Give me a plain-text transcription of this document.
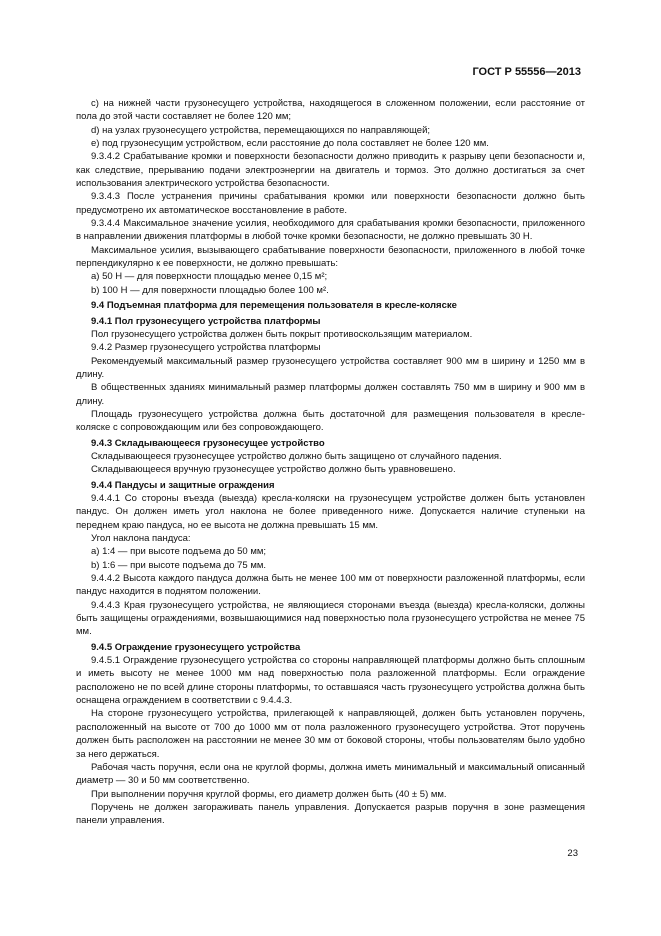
ГОСТ Р 55556—2013
c) на нижней части грузонесущего устройства, находящегося в сложенном положении, если расстояние от пола до этой части составляет не более 120 мм;
d) на узлах грузонесущего устройства, перемещающихся по направляющей;
e) под грузонесущим устройством, если расстояние до пола составляет не более 120 мм.
9.3.4.2 Срабатывание кромки и поверхности безопасности должно приводить к разрыву цепи безопасности и, как следствие, прерыванию подачи электроэнергии на двигатель и тормоз. Это должно достигаться за счет использования электрического устройства безопасности.
9.3.4.3 После устранения причины срабатывания кромки или поверхности безопасности должно быть предусмотрено их автоматическое восстановление в работе.
9.3.4.4 Максимальное значение усилия, необходимого для срабатывания кромки безопасности, приложенного в направлении движения платформы в любой точке кромки безопасности, не должно превышать 30 Н.
Максимальное усилия, вызывающего срабатывание поверхности безопасности, приложенного в любой точке перпендикулярно к ее поверхности, не должно превышать:
a) 50 Н — для поверхности площадью менее 0,15 м²;
b) 100 Н — для поверхности площадью более 100 м².
9.4 Подъемная платформа для перемещения пользователя в кресле-коляске
9.4.1 Пол грузонесущего устройства платформы
Пол грузонесущего устройства должен быть покрыт противоскользящим материалом.
9.4.2 Размер грузонесущего устройства платформы
Рекомендуемый максимальный размер грузонесущего устройства составляет 900 мм в ширину и 1250 мм в длину.
В общественных зданиях минимальный размер платформы должен составлять 750 мм в ширину и 900 мм в длину.
Площадь грузонесущего устройства должна быть достаточной для размещения пользователя в кресле-коляске с сопровождающим или без сопровождающего.
9.4.3 Складывающееся грузонесущее устройство
Складывающееся грузонесущее устройство должно быть защищено от случайного падения.
Складывающееся вручную грузонесущее устройство должно быть уравновешено.
9.4.4 Пандусы и защитные ограждения
9.4.4.1 Со стороны въезда (выезда) кресла-коляски на грузонесущем устройстве должен быть установлен пандус. Он должен иметь угол наклона не более приведенного ниже. Допускается наличие ступеньки на переднем краю пандуса, но ее высота не должна превышать 15 мм.
Угол наклона пандуса:
a) 1:4 — при высоте подъема до 50 мм;
b) 1:6 — при высоте подъема до 75 мм.
9.4.4.2 Высота каждого пандуса должна быть не менее 100 мм от поверхности разложенной платформы, если пандус находится в поднятом положении.
9.4.4.3 Края грузонесущего устройства, не являющиеся сторонами въезда (выезда) кресла-коляски, должны быть защищены ограждениями, возвышающимися над поверхностью пола грузонесущего устройства не менее 75 мм.
9.4.5 Ограждение грузонесущего устройства
9.4.5.1 Ограждение грузонесущего устройства со стороны направляющей платформы должно быть сплошным и иметь высоту не менее 1000 мм над поверхностью пола разложенной платформы. Если ограждение расположено не по всей длине стороны платформы, то оставшаяся часть грузонесущего устройства должна быть оснащена ограждением в соответствии с 9.4.4.3.
На стороне грузонесущего устройства, прилегающей к направляющей, должен быть установлен поручень, расположенный на высоте от 700 до 1000 мм от пола разложенного грузонесущего устройства. Этот поручень должен быть расположен на расстоянии не менее 30 мм от боковой стороны, чтобы пользователям было удобно за него держаться.
Рабочая часть поручня, если она не круглой формы, должна иметь минимальный и максимальный описанный диаметр — 30 и 50 мм соответственно.
При выполнении поручня круглой формы, его диаметр должен быть (40 ± 5) мм.
Поручень не должен загораживать панель управления. Допускается разрыв поручня в зоне размещения панели управления.
23
